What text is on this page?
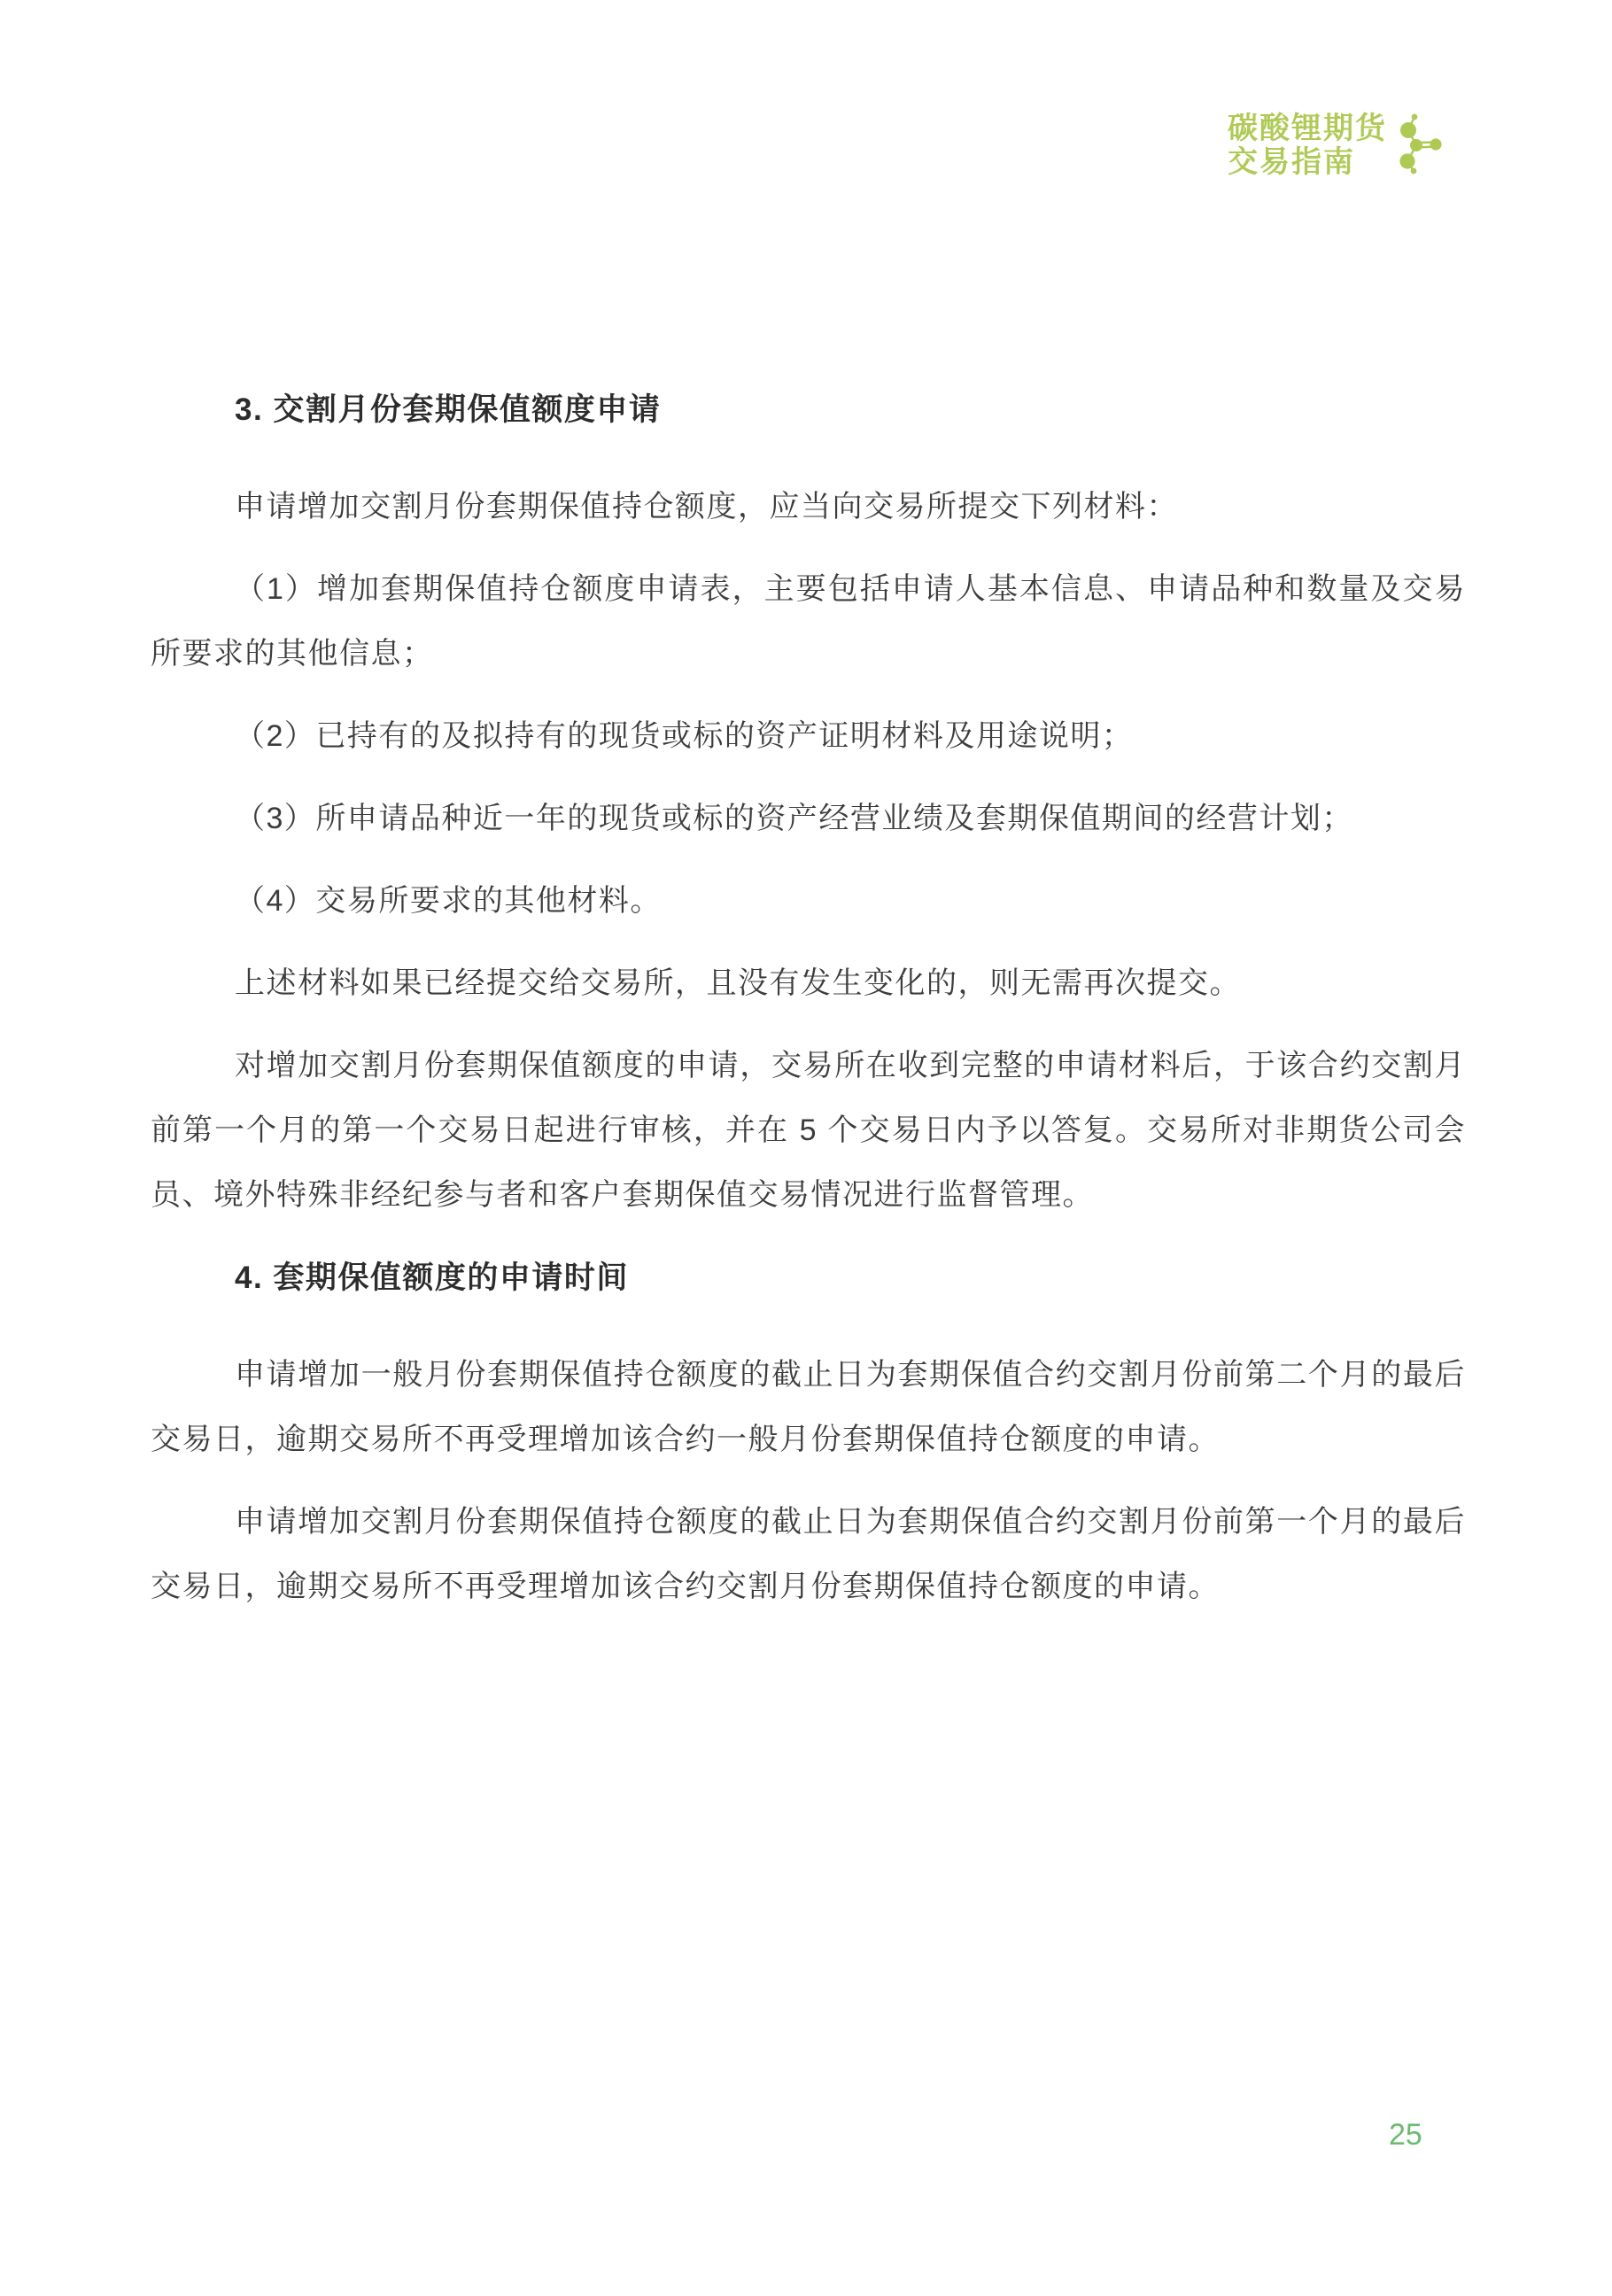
碳酸锂期货
交易指南
3. 交割月份套期保值额度申请

申请增加交割月份套期保值持仓额度，应当向交易所提交下列材料：

（1）增加套期保值持仓额度申请表，主要包括申请人基本信息、申请品种和数量及交易所要求的其他信息；

（2）已持有的及拟持有的现货或标的资产证明材料及用途说明；

（3）所申请品种近一年的现货或标的资产经营业绩及套期保值期间的经营计划；

（4）交易所要求的其他材料。

上述材料如果已经提交给交易所，且没有发生变化的，则无需再次提交。

对增加交割月份套期保值额度的申请，交易所在收到完整的申请材料后，于该合约交割月前第一个月的第一个交易日起进行审核，并在 5 个交易日内予以答复。交易所对非期货公司会员、境外特殊非经纪参与者和客户套期保值交易情况进行监督管理。

4. 套期保值额度的申请时间

申请增加一般月份套期保值持仓额度的截止日为套期保值合约交割月份前第二个月的最后交易日，逾期交易所不再受理增加该合约一般月份套期保值持仓额度的申请。

申请增加交割月份套期保值持仓额度的截止日为套期保值合约交割月份前第一个月的最后交易日，逾期交易所不再受理增加该合约交割月份套期保值持仓额度的申请。

25
